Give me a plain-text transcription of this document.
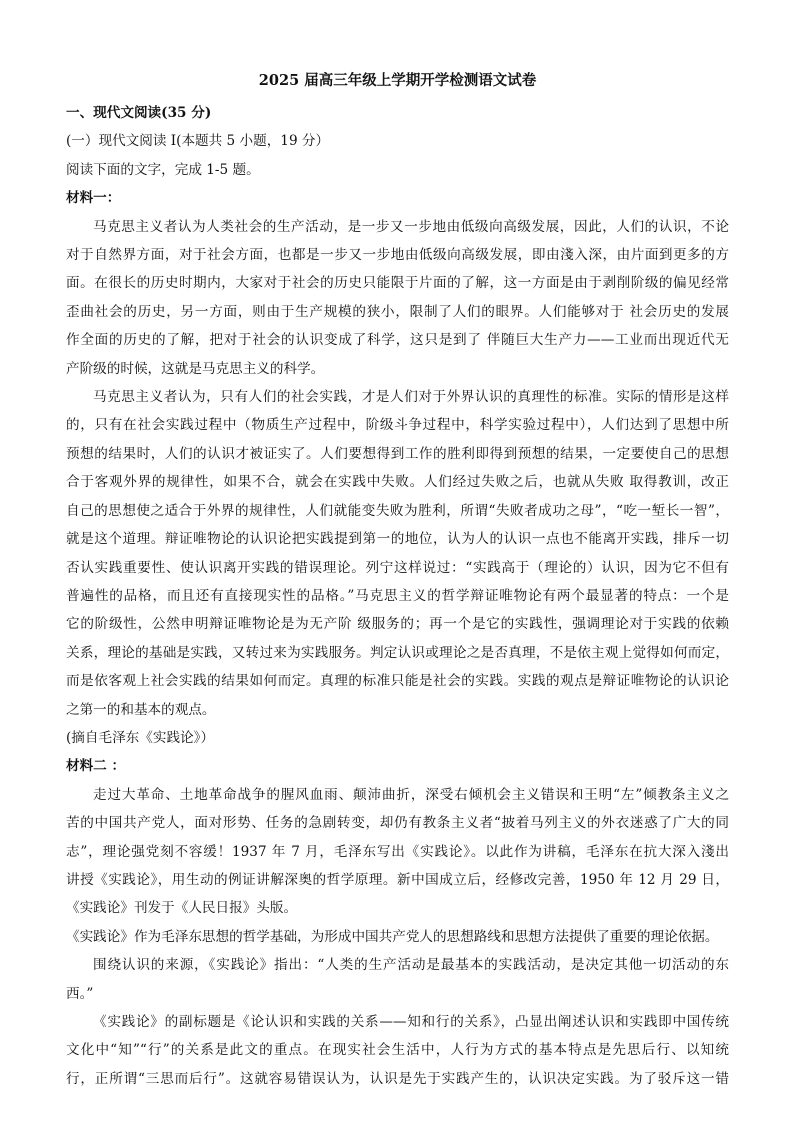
2025 届高三年级上学期开学检测语文试卷
一、现代文阅读(35 分)
(一）现代文阅读 I(本题共 5 小题，19 分）
阅读下面的文字，完成 1-5 题。
材料一：
马克思主义者认为人类社会的生产活动，是一步又一步地由低级向高级发展，因此，人们的认识，不论
对于自然界方面，对于社会方面，也都是一步又一步地由低级向高级发展，即由淺入深，由片面到更多的方
面。在很长的历史时期内，大家对于社会的历史只能限于片面的了解，这一方面是由于剥削阶级的偏见经常
歪曲社会的历史，另一方面，则由于生产规模的狭小，限制了人们的眼界。人们能够对于 社会历史的发展
作全面的历史的了解，把对于社会的认识变成了科学，这只是到了 伴随巨大生产力——工业而出现近代无
产阶级的时候，这就是马克思主义的科学。
马克思主义者认为，只有人们的社会实践，才是人们对于外界认识的真理性的标准。实际的情形是这样
的，只有在社会实践过程中（物质生产过程中，阶级斗争过程中，科学实验过程中），人们达到了思想中所
预想的结果时，人们的认识才被证实了。人们要想得到工作的胜利即得到预想的结果，一定要使自己的思想
合于客观外界的规律性，如果不合，就会在实践中失败。人们经过失败之后，也就从失败 取得教训，改正
自己的思想使之适合于外界的规律性，人们就能变失败为胜利，所谓“失败者成功之母”，“吃一堑长一智”，
就是这个道理。辩证唯物论的认识论把实践提到第一的地位，认为人的认识一点也不能离开实践，排斥一切
否认实践重要性、使认识离开实践的错误理论。列宁这样说过：“实践高于（理论的）认识，因为它不但有
普遍性的品格，而且还有直接现实性的品格。”马克思主义的哲学辩证唯物论有两个最显著的特点：一个是
它的阶级性，公然申明辩证唯物论是为无产阶 级服务的；再一个是它的实践性，强调理论对于实践的依赖
关系，理论的基础是实践，又转过来为实践服务。判定认识或理论之是否真理，不是依主观上觉得如何而定，
而是依客观上社会实践的结果如何而定。真理的标准只能是社会的实践。实践的观点是辩证唯物论的认识论
之第一的和基本的观点。
(摘自毛泽东《实践论》）
材料二 ：
走过大革命、土地革命战争的腥风血雨、颠沛曲折，深受右倾机会主义错误和王明“左”倾教条主义之
苦的中国共产党人，面对形势、任务的急剧转变，却仍有教条主义者“披着马列主义的外衣迷惑了广大的同
志”，理论强党刻不容缓！1937 年 7 月，毛泽东写出《实践论》。以此作为讲稿，毛泽东在抗大深入淺出
讲授《实践论》，用生动的例证讲解深奥的哲学原理。新中国成立后，经修改完善，1950 年 12 月 29 日，
《实践论》刊发于《人民日报》头版。
《实践论》作为毛泽东思想的哲学基础，为形成中国共产党人的思想路线和思想方法提供了重要的理论依据。
围绕认识的来源，《实践论》指出：“人类的生产活动是最基本的实践活动，是决定其他一切活动的东
西。”
《实践论》的副标题是《论认识和实践的关系——知和行的关系》，凸显出阐述认识和实践即中国传统
文化中“知”“行”的关系是此文的重点。在现实社会生活中，人行为方式的基本特点是先思后行、以知统
行，正所谓“三思而后行”。这就容易错误认为，认识是先于实践产生的，认识决定实践。为了驳斥这一错
